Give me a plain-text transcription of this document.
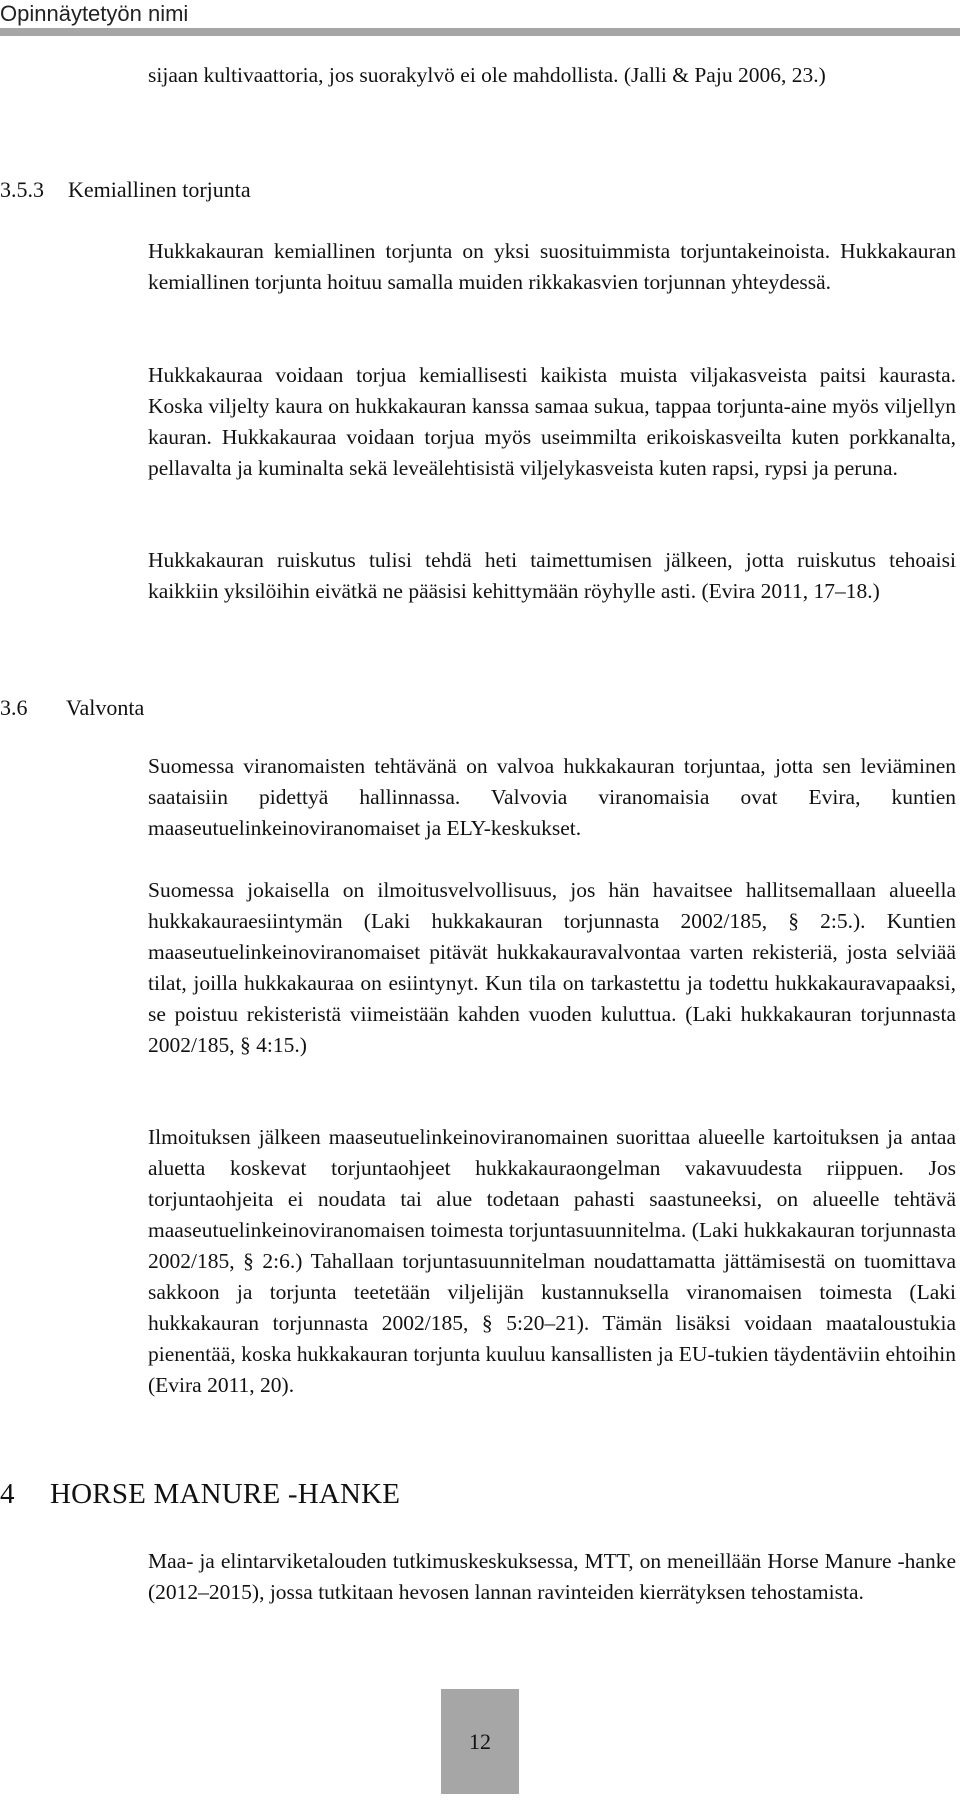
Opinnäytetyön nimi

sijaan kultivaattoria, jos suorakylvö ei ole mahdollista. (Jalli & Paju 2006, 23.)

3.5.3 Kemiallinen torjunta

Hukkakauran kemiallinen torjunta on yksi suosituimmista torjuntakeinoista. Hukkakauran kemiallinen torjunta hoituu samalla muiden rikkakasvien torjunnan yhteydessä.

Hukkakauraa voidaan torjua kemiallisesti kaikista muista viljakasveista paitsi kaurasta. Koska viljelty kaura on hukkakauran kanssa samaa sukua, tappaa torjunta-aine myös viljellyn kauran. Hukkakauraa voidaan torjua myös useimmilta erikoiskasveilta kuten porkkanalta, pellavalta ja kuminalta sekä leveälehtisistä viljelykasveista kuten rapsi, rypsi ja peruna.

Hukkakauran ruiskutus tulisi tehdä heti taimettumisen jälkeen, jotta ruiskutus tehoaisi kaikkiin yksilöihin eivätkä ne pääsisi kehittymään röyhylle asti. (Evira 2011, 17–18.)

3.6 Valvonta

Suomessa viranomaisten tehtävänä on valvoa hukkakauran torjuntaa, jotta sen leviäminen saataisiin pidettyä hallinnassa. Valvovia viranomaisia ovat Evira, kuntien maaseutuelinkeinoviranomaiset ja ELY-keskukset.

Suomessa jokaisella on ilmoitusvelvollisuus, jos hän havaitsee hallitsemallaan alueella hukkakauraesiintymän (Laki hukkakauran torjunnasta 2002/185, § 2:5.). Kuntien maaseutuelinkeinoviranomaiset pitävät hukkakauravalvontaa varten rekisteriä, josta selviää tilat, joilla hukkakauraa on esiintynyt. Kun tila on tarkastettu ja todettu hukkakauravapaaksi, se poistuu rekisteristä viimeistään kahden vuoden kuluttua. (Laki hukkakauran torjunnasta 2002/185, § 4:15.)

Ilmoituksen jälkeen maaseutuelinkeinoviranomainen suorittaa alueelle kartoituksen ja antaa aluetta koskevat torjuntaohjeet hukkakauraongelman vakavuudesta riippuen. Jos torjuntaohjeita ei noudata tai alue todetaan pahasti saastuneeksi, on alueelle tehtävä maaseutuelinkeinoviranomaisen toimesta torjuntasuunnitelma. (Laki hukkakauran torjunnasta 2002/185, § 2:6.) Tahallaan torjuntasuunnitelman noudattamatta jättämisestä on tuomittava sakkoon ja torjunta teetetään viljelijän kustannuksella viranomaisen toimesta (Laki hukkakauran torjunnasta 2002/185, § 5:20–21). Tämän lisäksi voidaan maataloustukia pienentää, koska hukkakauran torjunta kuuluu kansallisten ja EU-tukien täydentäviin ehtoihin (Evira 2011, 20).

4 HORSE MANURE -HANKE

Maa- ja elintarviketalouden tutkimuskeskuksessa, MTT, on meneillään Horse Manure -hanke (2012–2015), jossa tutkitaan hevosen lannan ravinteiden kierrätyksen tehostamista.

12
